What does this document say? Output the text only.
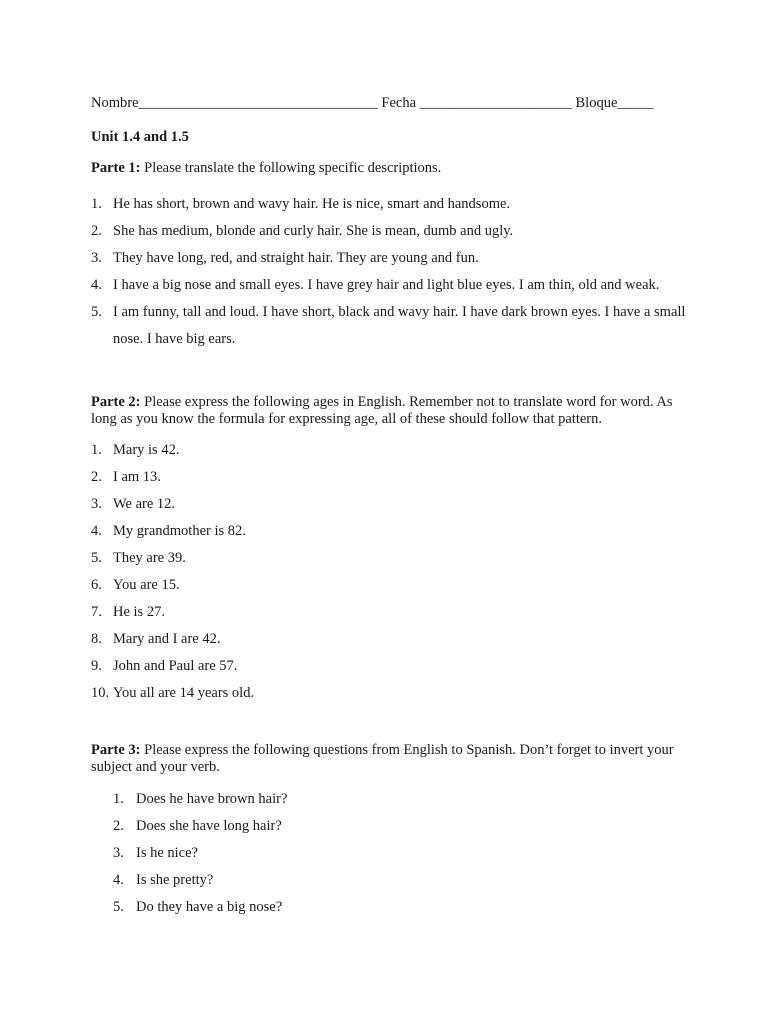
Nombre_________________________________ Fecha _____________________ Bloque_____
Unit 1.4 and 1.5
Parte 1: Please translate the following specific descriptions.
1. He has short, brown and wavy hair. He is nice, smart and handsome.
2. She has medium, blonde and curly hair. She is mean, dumb and ugly.
3. They have long, red, and straight hair. They are young and fun.
4. I have a big nose and small eyes. I have grey hair and light blue eyes. I am thin, old and weak.
5. I am funny, tall and loud. I have short, black and wavy hair. I have dark brown eyes. I have a small nose. I have big ears.
Parte 2: Please express the following ages in English. Remember not to translate word for word. As long as you know the formula for expressing age, all of these should follow that pattern.
1. Mary is 42.
2. I am 13.
3. We are 12.
4. My grandmother is 82.
5. They are 39.
6. You are 15.
7. He is 27.
8. Mary and I are 42.
9. John and Paul are 57.
10. You all are 14 years old.
Parte 3: Please express the following questions from English to Spanish. Don’t forget to invert your subject and your verb.
1. Does he have brown hair?
2. Does she have long hair?
3. Is he nice?
4. Is she pretty?
5. Do they have a big nose?
